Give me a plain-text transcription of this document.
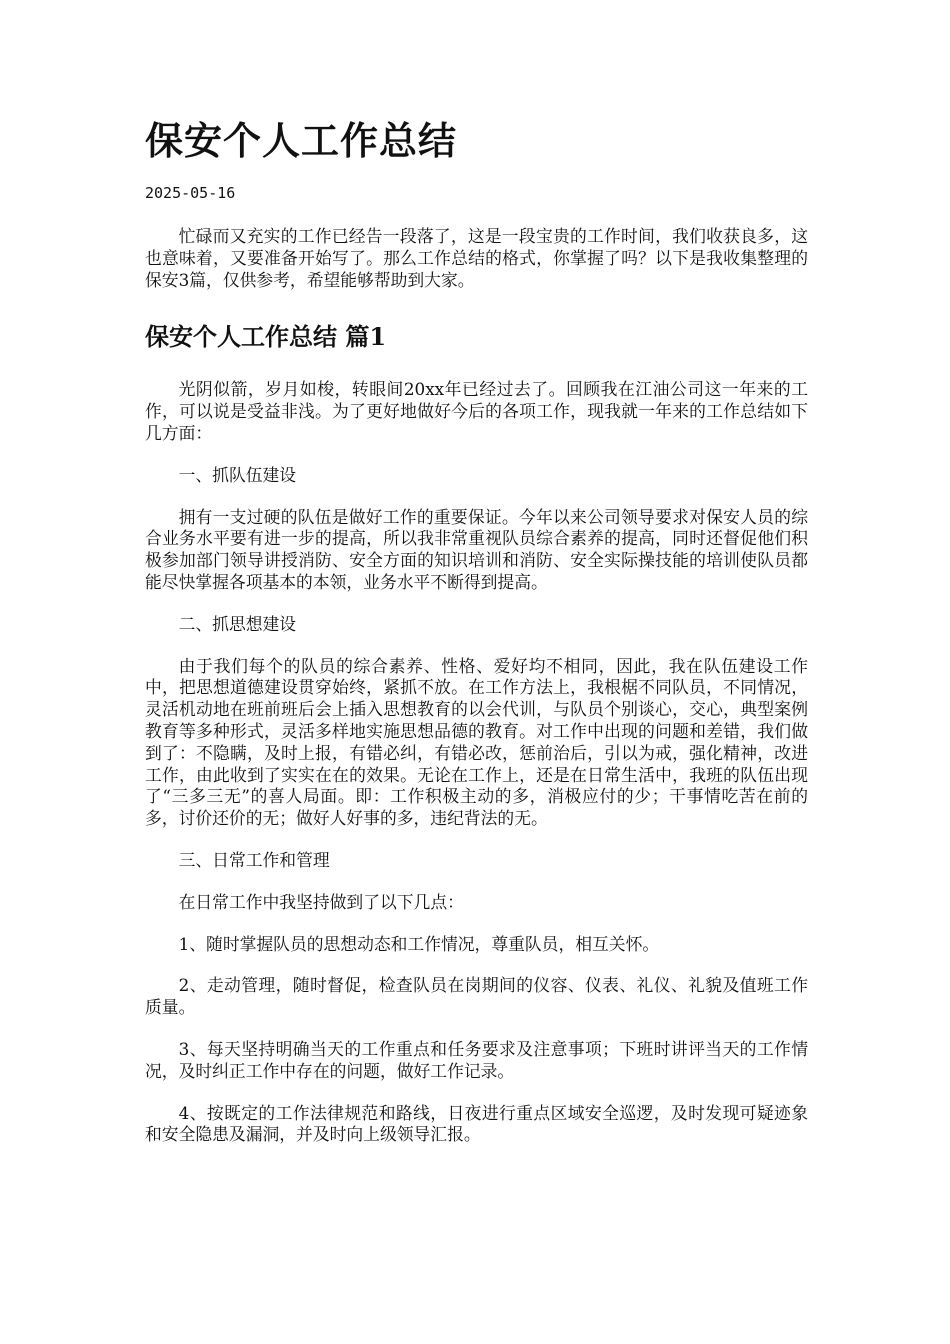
保安个人工作总结
2025-05-16

忙碌而又充实的工作已经告一段落了，这是一段宝贵的工作时间，我们收获良多，这也意味着，又要准备开始写了。那么工作总结的格式，你掌握了吗？以下是我收集整理的保安3篇，仅供参考，希望能够帮助到大家。

保安个人工作总结 篇1

光阴似箭，岁月如梭，转眼间20xx年已经过去了。回顾我在江油公司这一年来的工作，可以说是受益非浅。为了更好地做好今后的各项工作，现我就一年来的工作总结如下几方面：

一、抓队伍建设

拥有一支过硬的队伍是做好工作的重要保证。今年以来公司领导要求对保安人员的综合业务水平要有进一步的提高，所以我非常重视队员综合素养的提高，同时还督促他们积极参加部门领导讲授消防、安全方面的知识培训和消防、安全实际操技能的培训使队员都能尽快掌握各项基本的本领，业务水平不断得到提高。

二、抓思想建设

由于我们每个的队员的综合素养、性格、爱好均不相同，因此，我在队伍建设工作中，把思想道德建设贯穿始终，紧抓不放。在工作方法上，我根椐不同队员，不同情况，灵活机动地在班前班后会上插入思想教育的以会代训，与队员个别谈心，交心，典型案例教育等多种形式，灵活多样地实施思想品德的教育。对工作中出现的问题和差错，我们做到了：不隐瞒，及时上报，有错必纠，有错必改，惩前治后，引以为戒，强化精神，改进工作，由此收到了实实在在的效果。无论在工作上，还是在日常生活中，我班的队伍出现了“三多三无”的喜人局面。即：工作积极主动的多，消极应付的少；干事情吃苦在前的多，讨价还价的无；做好人好事的多，违纪背法的无。

三、日常工作和管理

在日常工作中我坚持做到了以下几点：

1、随时掌握队员的思想动态和工作情况，尊重队员，相互关怀。

2、走动管理，随时督促，检查队员在岗期间的仪容、仪表、礼仪、礼貌及值班工作质量。

3、每天坚持明确当天的工作重点和任务要求及注意事项；下班时讲评当天的工作情况，及时纠正工作中存在的问题，做好工作记录。

4、按既定的工作法律规范和路线，日夜进行重点区域安全巡逻，及时发现可疑迹象和安全隐患及漏洞，并及时向上级领导汇报。
